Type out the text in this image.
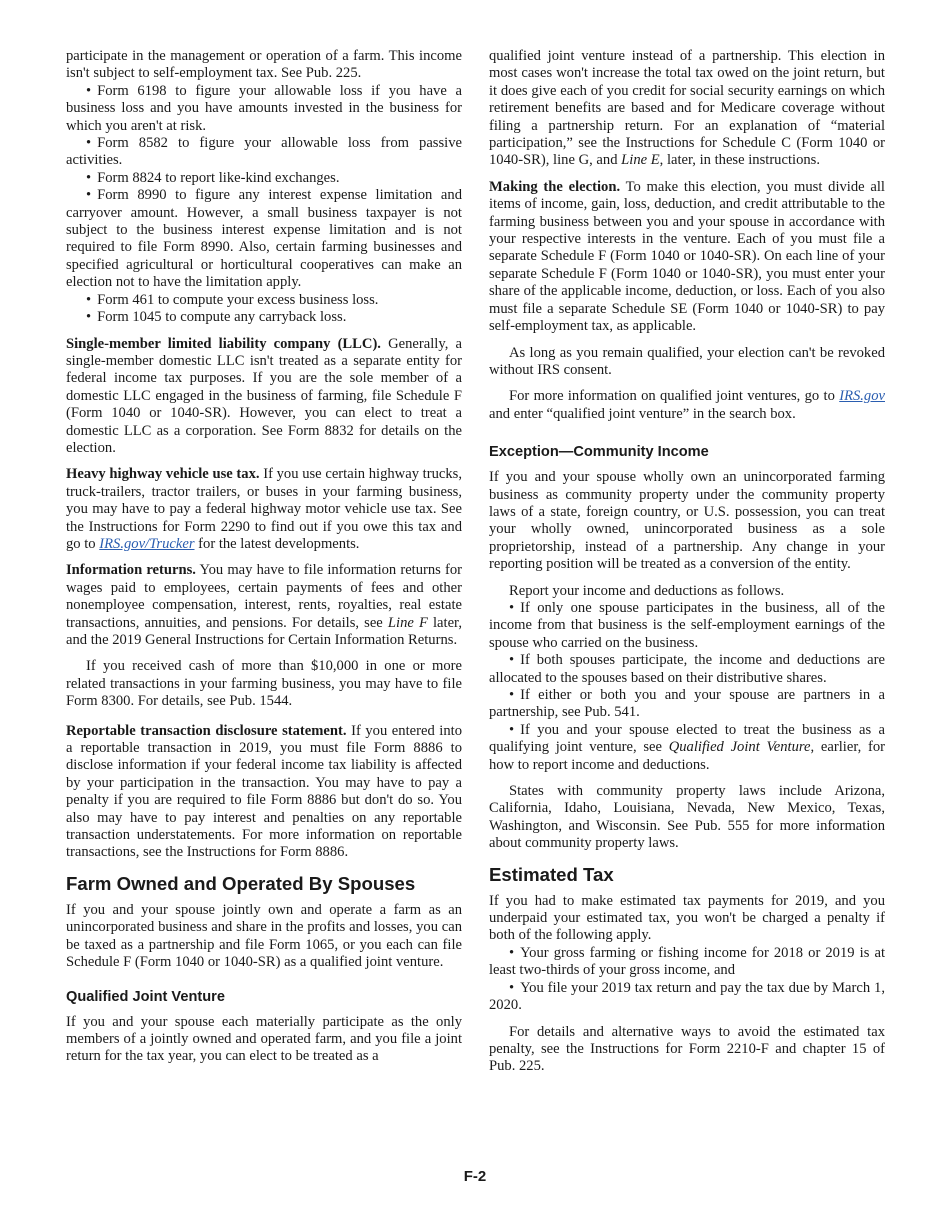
participate in the management or operation of a farm. This income isn't subject to self-employment tax. See Pub. 225.

• Form 6198 to figure your allowable loss if you have a business loss and you have amounts invested in the business for which you aren't at risk.

• Form 8582 to figure your allowable loss from passive activities.

• Form 8824 to report like-kind exchanges.

• Form 8990 to figure any interest expense limitation and carryover amount. However, a small business taxpayer is not subject to the business interest expense limitation and is not required to file Form 8990. Also, certain farming businesses and specified agricultural or horticultural cooperatives can make an election not to have the limitation apply.

• Form 461 to compute your excess business loss.

• Form 1045 to compute any carryback loss.

Single-member limited liability company (LLC). Generally, a single-member domestic LLC isn't treated as a separate entity for federal income tax purposes. If you are the sole member of a domestic LLC engaged in the business of farming, file Schedule F (Form 1040 or 1040-SR). However, you can elect to treat a domestic LLC as a corporation. See Form 8832 for details on the election.

Heavy highway vehicle use tax. If you use certain highway trucks, truck-trailers, tractor trailers, or buses in your farming business, you may have to pay a federal highway motor vehicle use tax. See the Instructions for Form 2290 to find out if you owe this tax and go to IRS.gov/Trucker for the latest developments.

Information returns. You may have to file information returns for wages paid to employees, certain payments of fees and other nonemployee compensation, interest, rents, royalties, real estate transactions, annuities, and pensions. For details, see Line F later, and the 2019 General Instructions for Certain Information Returns.

If you received cash of more than $10,000 in one or more related transactions in your farming business, you may have to file Form 8300. For details, see Pub. 1544.

Reportable transaction disclosure statement. If you entered into a reportable transaction in 2019, you must file Form 8886 to disclose information if your federal income tax liability is affected by your participation in the transaction. You may have to pay a penalty if you are required to file Form 8886 but don't do so. You also may have to pay interest and penalties on any reportable transaction understatements. For more information on reportable transactions, see the Instructions for Form 8886.

Farm Owned and Operated By Spouses

If you and your spouse jointly own and operate a farm as an unincorporated business and share in the profits and losses, you can be taxed as a partnership and file Form 1065, or you each can file Schedule F (Form 1040 or 1040-SR) as a qualified joint venture.

Qualified Joint Venture

If you and your spouse each materially participate as the only members of a jointly owned and operated farm, and you file a joint return for the tax year, you can elect to be treated as a

qualified joint venture instead of a partnership. This election in most cases won't increase the total tax owed on the joint return, but it does give each of you credit for social security earnings on which retirement benefits are based and for Medicare coverage without filing a partnership return. For an explanation of “material participation,” see the Instructions for Schedule C (Form 1040 or 1040-SR), line G, and Line E, later, in these instructions.

Making the election. To make this election, you must divide all items of income, gain, loss, deduction, and credit attributable to the farming business between you and your spouse in accordance with your respective interests in the venture. Each of you must file a separate Schedule F (Form 1040 or 1040-SR). On each line of your separate Schedule F (Form 1040 or 1040-SR), you must enter your share of the applicable income, deduction, or loss. Each of you also must file a separate Schedule SE (Form 1040 or 1040-SR) to pay self-employment tax, as applicable.

As long as you remain qualified, your election can't be revoked without IRS consent.

For more information on qualified joint ventures, go to IRS.gov and enter “qualified joint venture” in the search box.

Exception—Community Income

If you and your spouse wholly own an unincorporated farming business as community property under the community property laws of a state, foreign country, or U.S. possession, you can treat your wholly owned, unincorporated business as a sole proprietorship, instead of a partnership. Any change in your reporting position will be treated as a conversion of the entity.

Report your income and deductions as follows.

• If only one spouse participates in the business, all of the income from that business is the self-employment earnings of the spouse who carried on the business.

• If both spouses participate, the income and deductions are allocated to the spouses based on their distributive shares.

• If either or both you and your spouse are partners in a partnership, see Pub. 541.

• If you and your spouse elected to treat the business as a qualifying joint venture, see Qualified Joint Venture, earlier, for how to report income and deductions.

States with community property laws include Arizona, California, Idaho, Louisiana, Nevada, New Mexico, Texas, Washington, and Wisconsin. See Pub. 555 for more information about community property laws.

Estimated Tax

If you had to make estimated tax payments for 2019, and you underpaid your estimated tax, you won't be charged a penalty if both of the following apply.

• Your gross farming or fishing income for 2018 or 2019 is at least two-thirds of your gross income, and

• You file your 2019 tax return and pay the tax due by March 1, 2020.

For details and alternative ways to avoid the estimated tax penalty, see the Instructions for Form 2210-F and chapter 15 of Pub. 225.

F-2
